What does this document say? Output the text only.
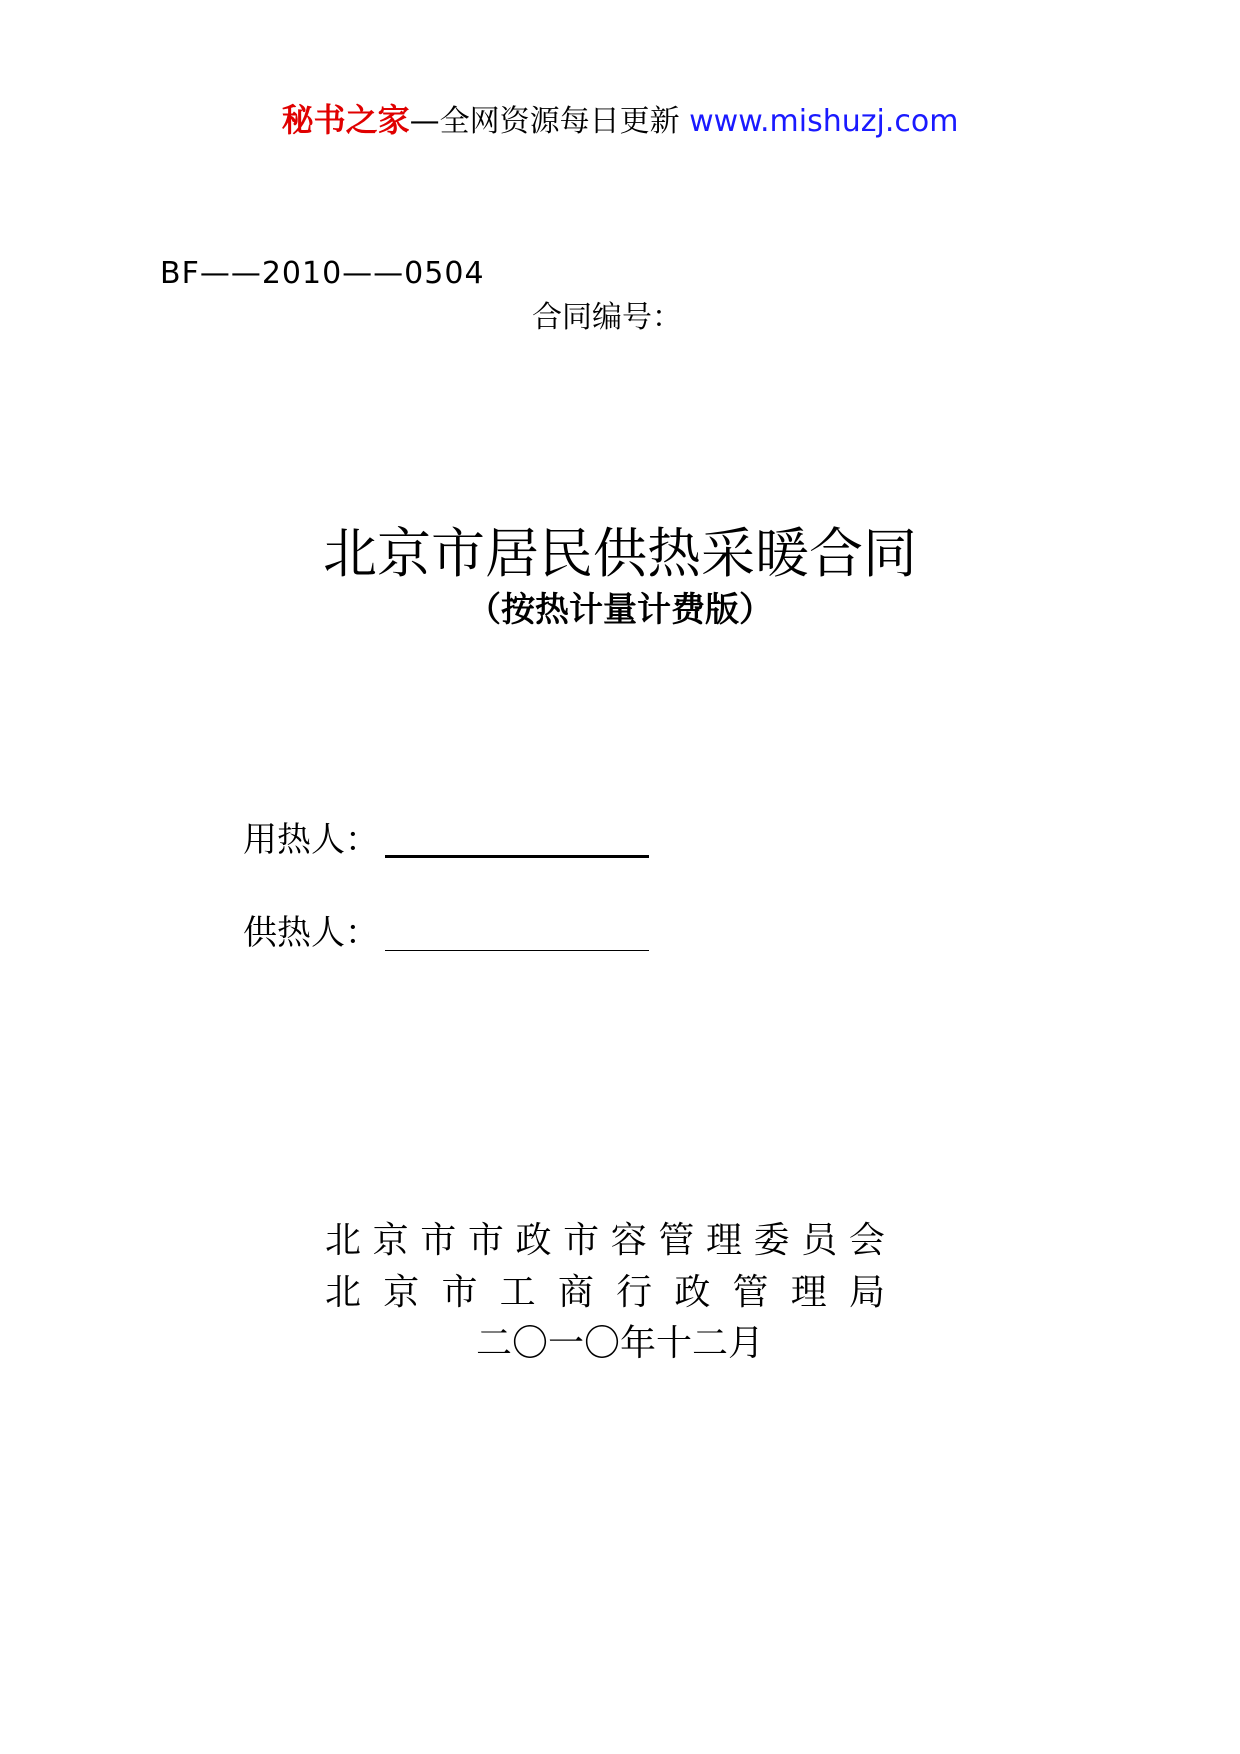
秘书之家—全网资源每日更新 www.mishuzj.com
BF——2010——0504
合同编号：
北京市居民供热采暖合同
（按热计量计费版）
用热人：
供热人：
北 京 市 市 政 市 容 管 理 委 员 会
北 京 市 工 商 行 政 管 理 局
二〇一〇年十二月
